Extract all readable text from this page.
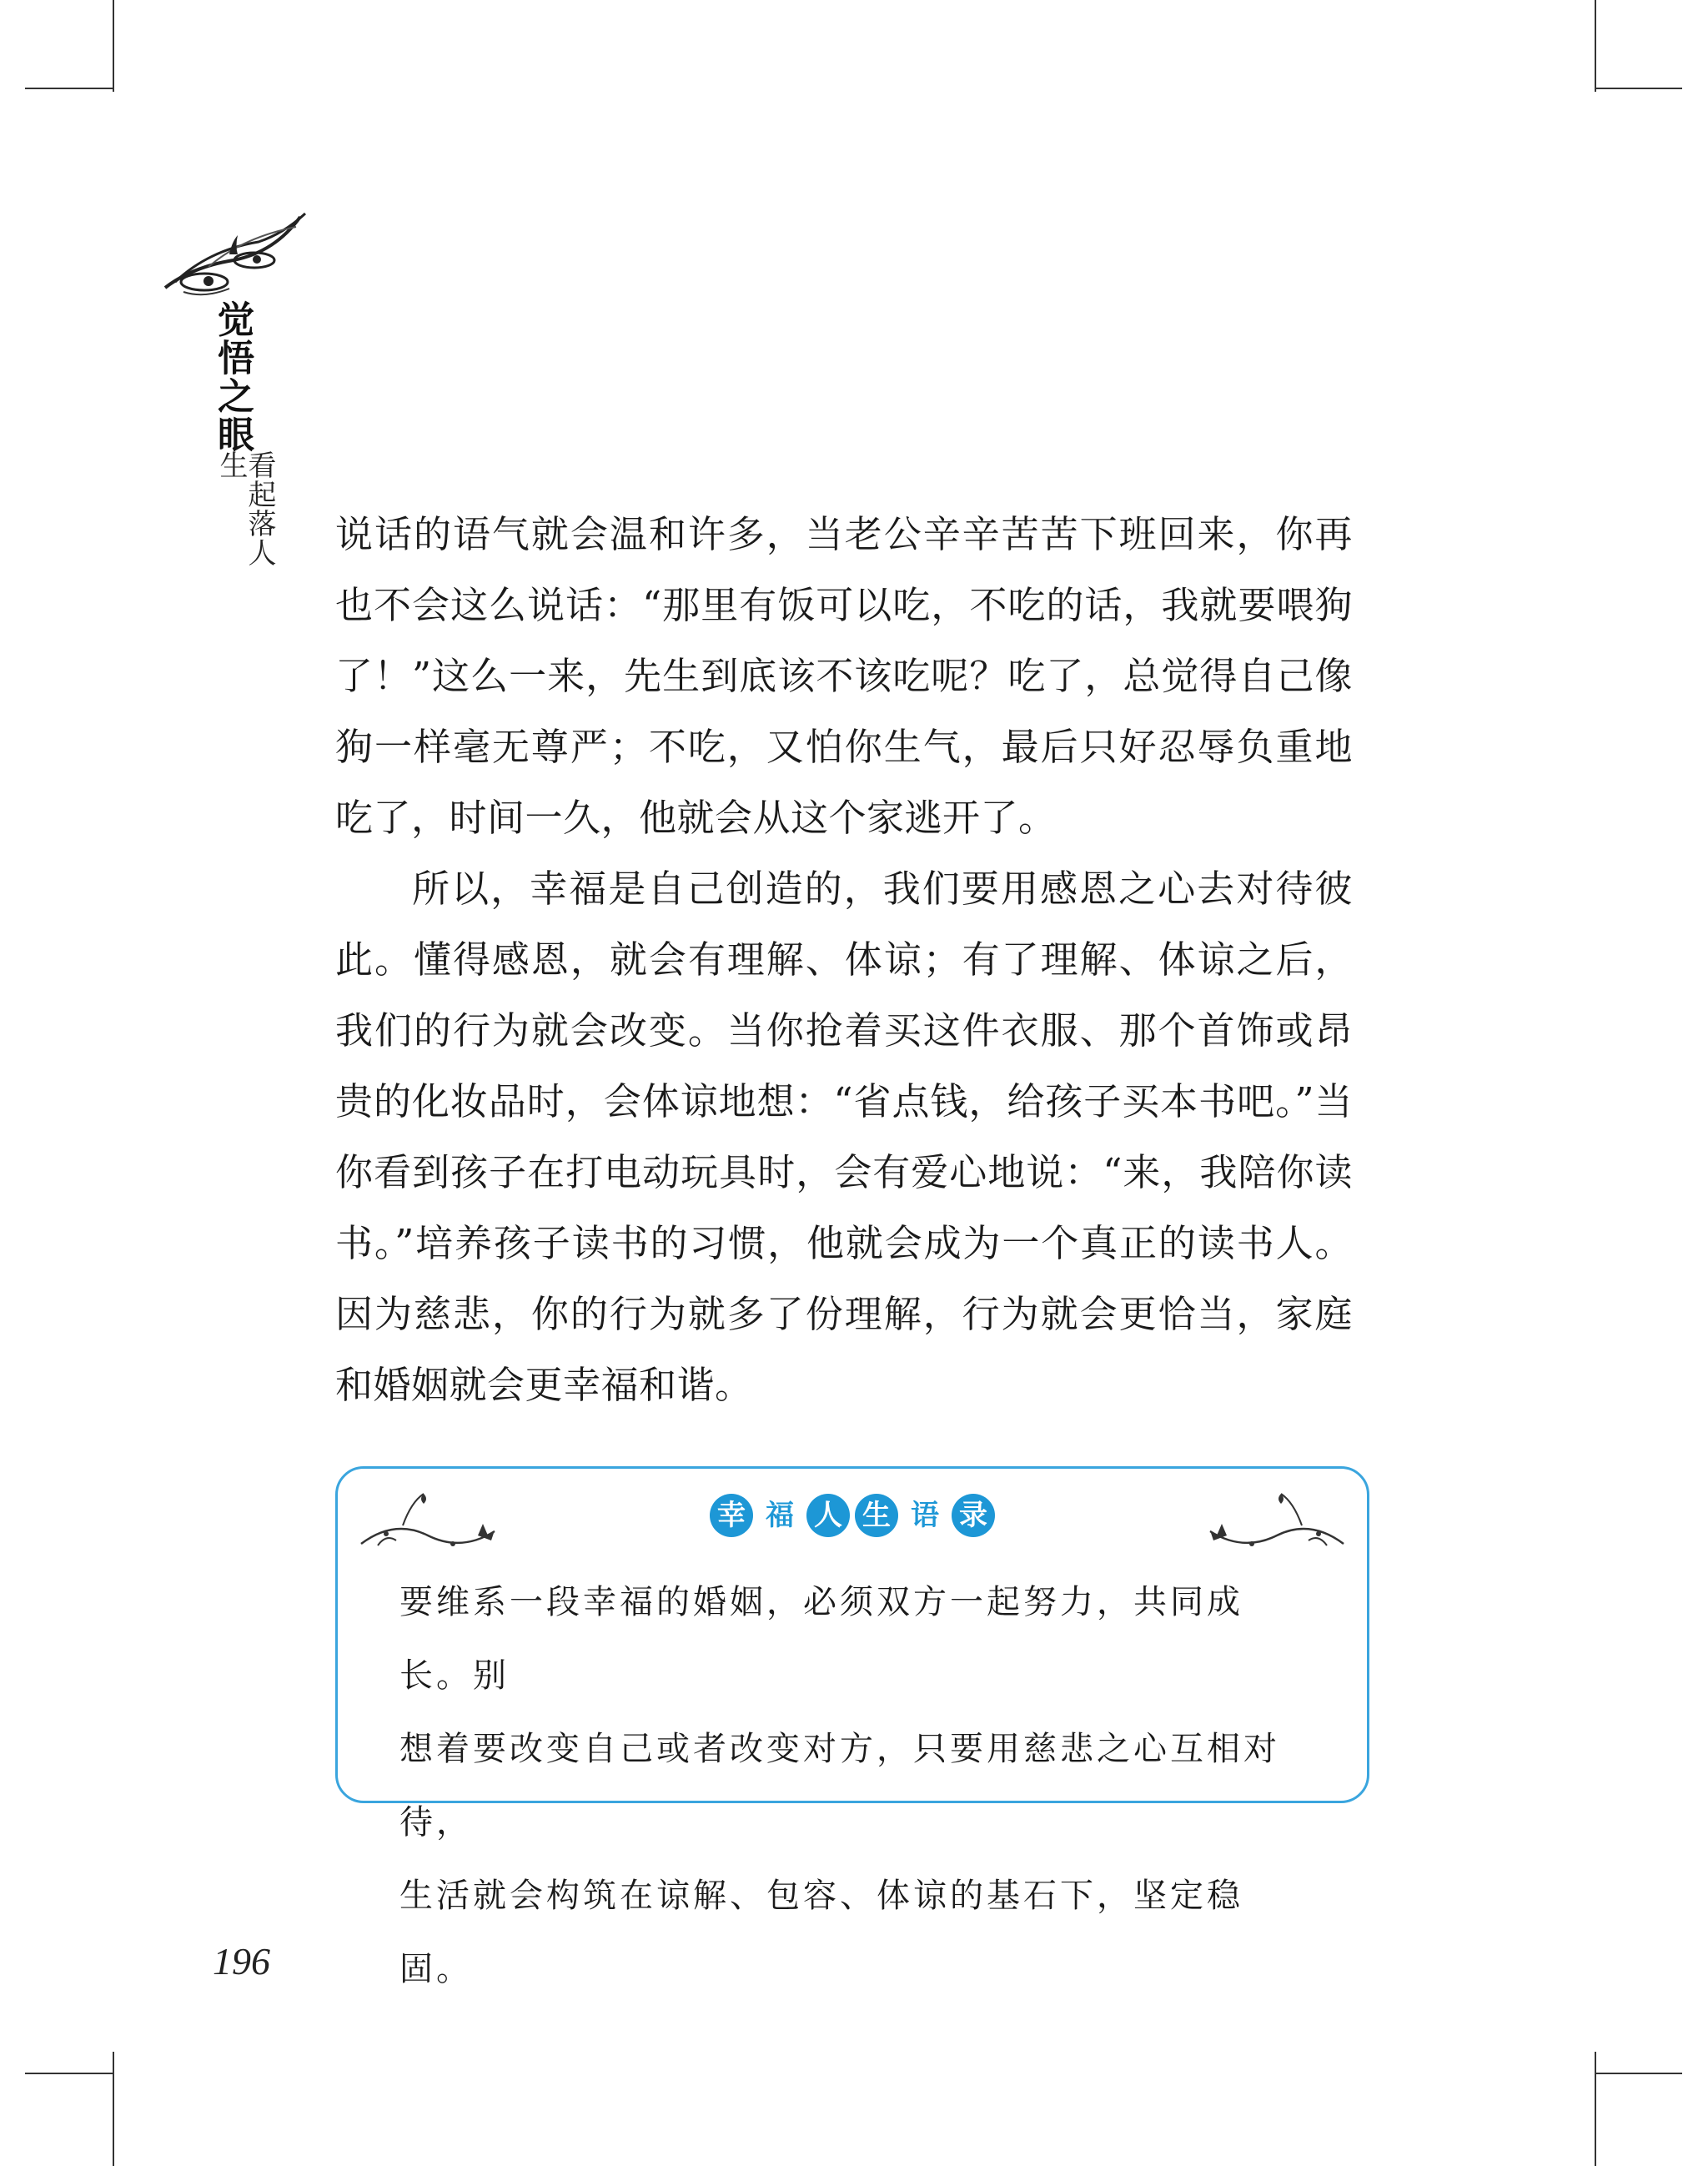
觉悟之眼
看起落人生

说话的语气就会温和许多，当老公辛辛苦苦下班回来，你再也不会这么说话：“那里有饭可以吃，不吃的话，我就要喂狗了！”这么一来，先生到底该不该吃呢？吃了，总觉得自己像狗一样毫无尊严；不吃，又怕你生气，最后只好忍辱负重地吃了，时间一久，他就会从这个家逃开了。

所以，幸福是自己创造的，我们要用感恩之心去对待彼此。懂得感恩，就会有理解、体谅；有了理解、体谅之后，我们的行为就会改变。当你抢着买这件衣服、那个首饰或昂贵的化妆品时，会体谅地想：“省点钱，给孩子买本书吧。”当你看到孩子在打电动玩具时，会有爱心地说：“来，我陪你读书。”培养孩子读书的习惯，他就会成为一个真正的读书人。因为慈悲，你的行为就多了份理解，行为就会更恰当，家庭和婚姻就会更幸福和谐。

幸 福 人 生 语 录

要维系一段幸福的婚姻，必须双方一起努力，共同成长。别

想着要改变自己或者改变对方，只要用慈悲之心互相对待，

生活就会构筑在谅解、包容、体谅的基石下，坚定稳固。

196
